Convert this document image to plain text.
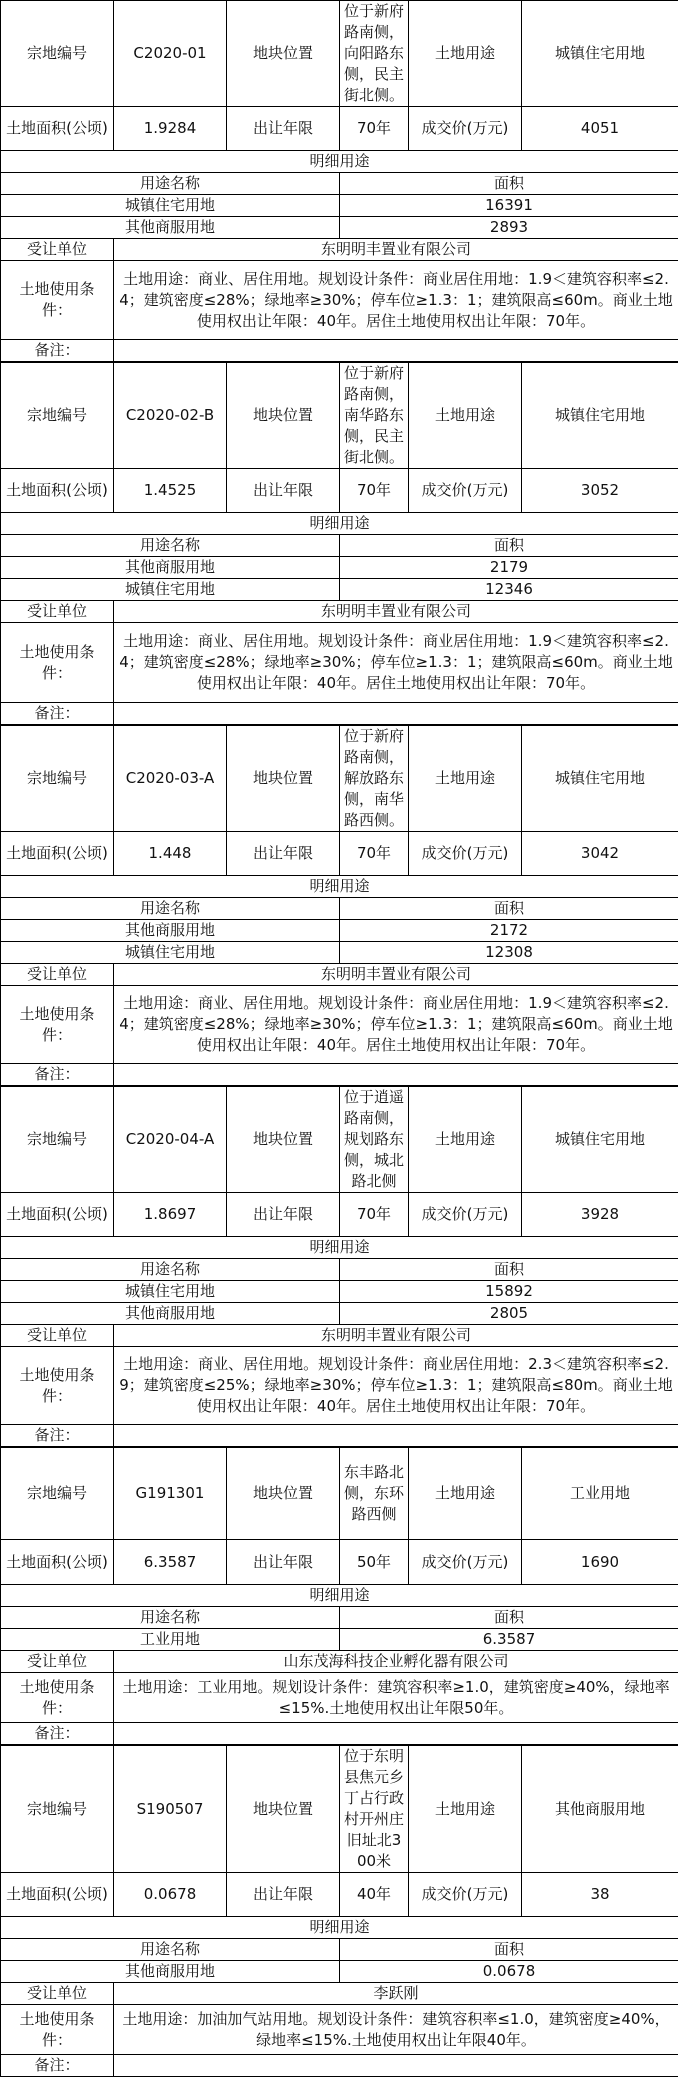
宗地编号	C2020-01	地块位置	位于新府路南侧，向阳路东侧，民主街北侧。	土地用途	城镇住宅用地
土地面积(公顷)	1.9284	出让年限	70年	成交价(万元)	4051
明细用途					
用途名称			面积		
城镇住宅用地			16391		
其他商服用地			2893		
受让单位	东明明丰置业有限公司				
土地使用条件：	土地用途：商业、居住用地。规划设计条件：商业居住用地：1.9＜建筑容积率≤2.4；建筑密度≤28%；绿地率≥30%；停车位≥1.3：1；建筑限高≤60m。商业土地使用权出让年限：40年。居住土地使用权出让年限：70年。				
备注：					
宗地编号	C2020-02-B	地块位置	位于新府路南侧，南华路东侧，民主街北侧。	土地用途	城镇住宅用地
土地面积(公顷)	1.4525	出让年限	70年	成交价(万元)	3052
明细用途					
用途名称			面积		
其他商服用地			2179		
城镇住宅用地			12346		
受让单位	东明明丰置业有限公司				
土地使用条件：	土地用途：商业、居住用地。规划设计条件：商业居住用地：1.9＜建筑容积率≤2.4；建筑密度≤28%；绿地率≥30%；停车位≥1.3：1；建筑限高≤60m。商业土地使用权出让年限：40年。居住土地使用权出让年限：70年。				
备注：					
宗地编号	C2020-03-A	地块位置	位于新府路南侧，解放路东侧，南华路西侧。	土地用途	城镇住宅用地
土地面积(公顷)	1.448	出让年限	70年	成交价(万元)	3042
明细用途					
用途名称			面积		
其他商服用地			2172		
城镇住宅用地			12308		
受让单位	东明明丰置业有限公司				
土地使用条件：	土地用途：商业、居住用地。规划设计条件：商业居住用地：1.9＜建筑容积率≤2.4；建筑密度≤28%；绿地率≥30%；停车位≥1.3：1；建筑限高≤60m。商业土地使用权出让年限：40年。居住土地使用权出让年限：70年。				
备注：					
宗地编号	C2020-04-A	地块位置	位于逍遥路南侧，规划路东侧，城北路北侧	土地用途	城镇住宅用地
土地面积(公顷)	1.8697	出让年限	70年	成交价(万元)	3928
明细用途					
用途名称			面积		
城镇住宅用地			15892		
其他商服用地			2805		
受让单位	东明明丰置业有限公司				
土地使用条件：	土地用途：商业、居住用地。规划设计条件：商业居住用地：2.3＜建筑容积率≤2.9；建筑密度≤25%；绿地率≥30%；停车位≥1.3：1；建筑限高≤80m。商业土地使用权出让年限：40年。居住土地使用权出让年限：70年。				
备注：					
宗地编号	G191301	地块位置	东丰路北侧，东环路西侧	土地用途	工业用地
土地面积(公顷)	6.3587	出让年限	50年	成交价(万元)	1690
明细用途					
用途名称			面积		
工业用地			6.3587		
受让单位	山东茂海科技企业孵化器有限公司				
土地使用条件：	土地用途：工业用地。规划设计条件：建筑容积率≥1.0，建筑密度≥40%，绿地率≤15%.土地使用权出让年限50年。				
备注：					
宗地编号	S190507	地块位置	位于东明县焦元乡丁占行政村开州庄旧址北300米	土地用途	其他商服用地
土地面积(公顷)	0.0678	出让年限	40年	成交价(万元)	38
明细用途					
用途名称			面积		
其他商服用地			0.0678		
受让单位	李跃刚				
土地使用条件：	土地用途：加油加气站用地。规划设计条件：建筑容积率≤1.0，建筑密度≥40%，绿地率≤15%.土地使用权出让年限40年。				
备注：					
